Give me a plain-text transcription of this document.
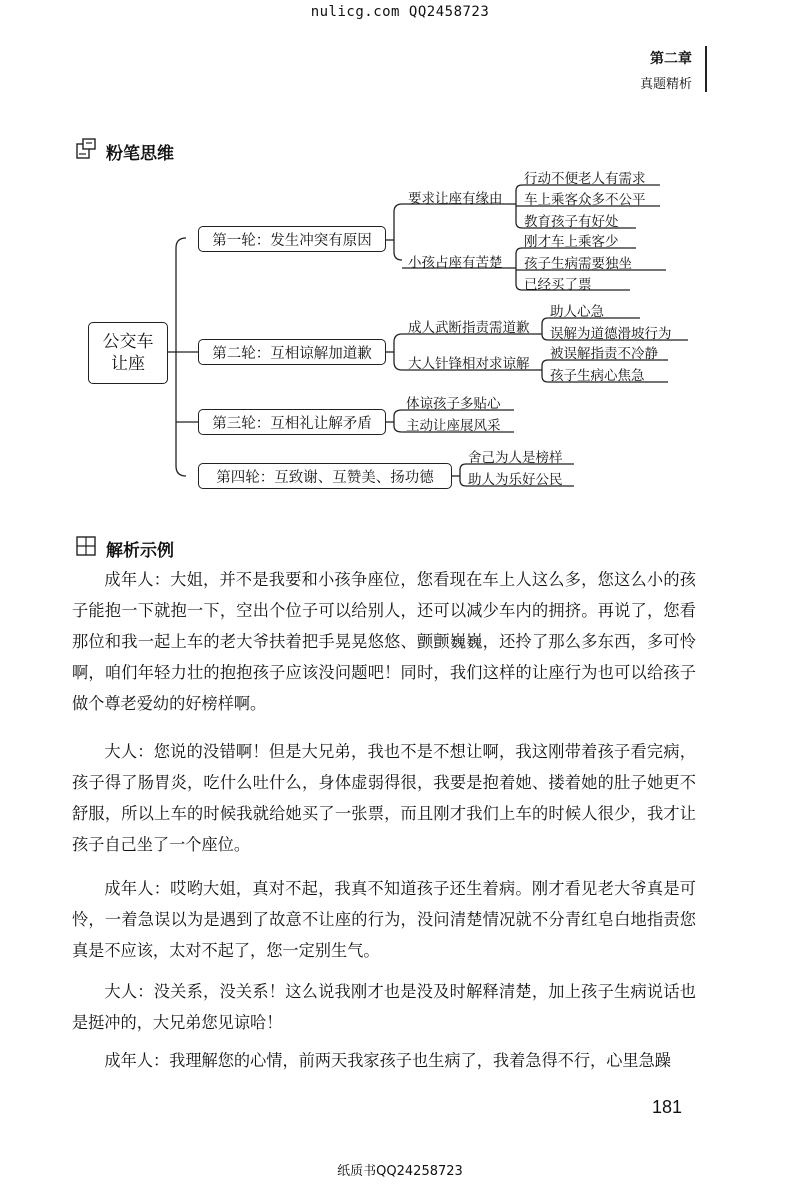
nulicg.com QQ2458723
第二章
真题精析
粉笔思维
公交车
让座
第一轮：发生冲突有原因
第二轮：互相谅解加道歉
第三轮：互相礼让解矛盾
第四轮：互致谢、互赞美、扬功德
要求让座有缘由
小孩占座有苦楚
成人武断指责需道歉
大人针锋相对求谅解
行动不便老人有需求
车上乘客众多不公平
教育孩子有好处
刚才车上乘客少
孩子生病需要独坐
已经买了票
助人心急
误解为道德滑坡行为
被误解指责不冷静
孩子生病心焦急
体谅孩子多贴心
主动让座展风采
舍己为人是榜样
助人为乐好公民
解析示例

成年人：大姐，并不是我要和小孩争座位，您看现在车上人这么多，您这么小的孩子能抱一下就抱一下，空出个位子可以给别人，还可以减少车内的拥挤。再说了，您看那位和我一起上车的老大爷扶着把手晃晃悠悠、颤颤巍巍，还拎了那么多东西，多可怜啊，咱们年轻力壮的抱抱孩子应该没问题吧！同时，我们这样的让座行为也可以给孩子做个尊老爱幼的好榜样啊。

大人：您说的没错啊！但是大兄弟，我也不是不想让啊，我这刚带着孩子看完病，孩子得了肠胃炎，吃什么吐什么，身体虚弱得很，我要是抱着她、搂着她的肚子她更不舒服，所以上车的时候我就给她买了一张票，而且刚才我们上车的时候人很少，我才让孩子自己坐了一个座位。

成年人：哎哟大姐，真对不起，我真不知道孩子还生着病。刚才看见老大爷真是可怜，一着急误以为是遇到了故意不让座的行为，没问清楚情况就不分青红皂白地指责您真是不应该，太对不起了，您一定别生气。

大人：没关系，没关系！这么说我刚才也是没及时解释清楚，加上孩子生病说话也是挺冲的，大兄弟您见谅哈！

成年人：我理解您的心情，前两天我家孩子也生病了，我着急得不行，心里急躁

181
纸质书QQ24258723
